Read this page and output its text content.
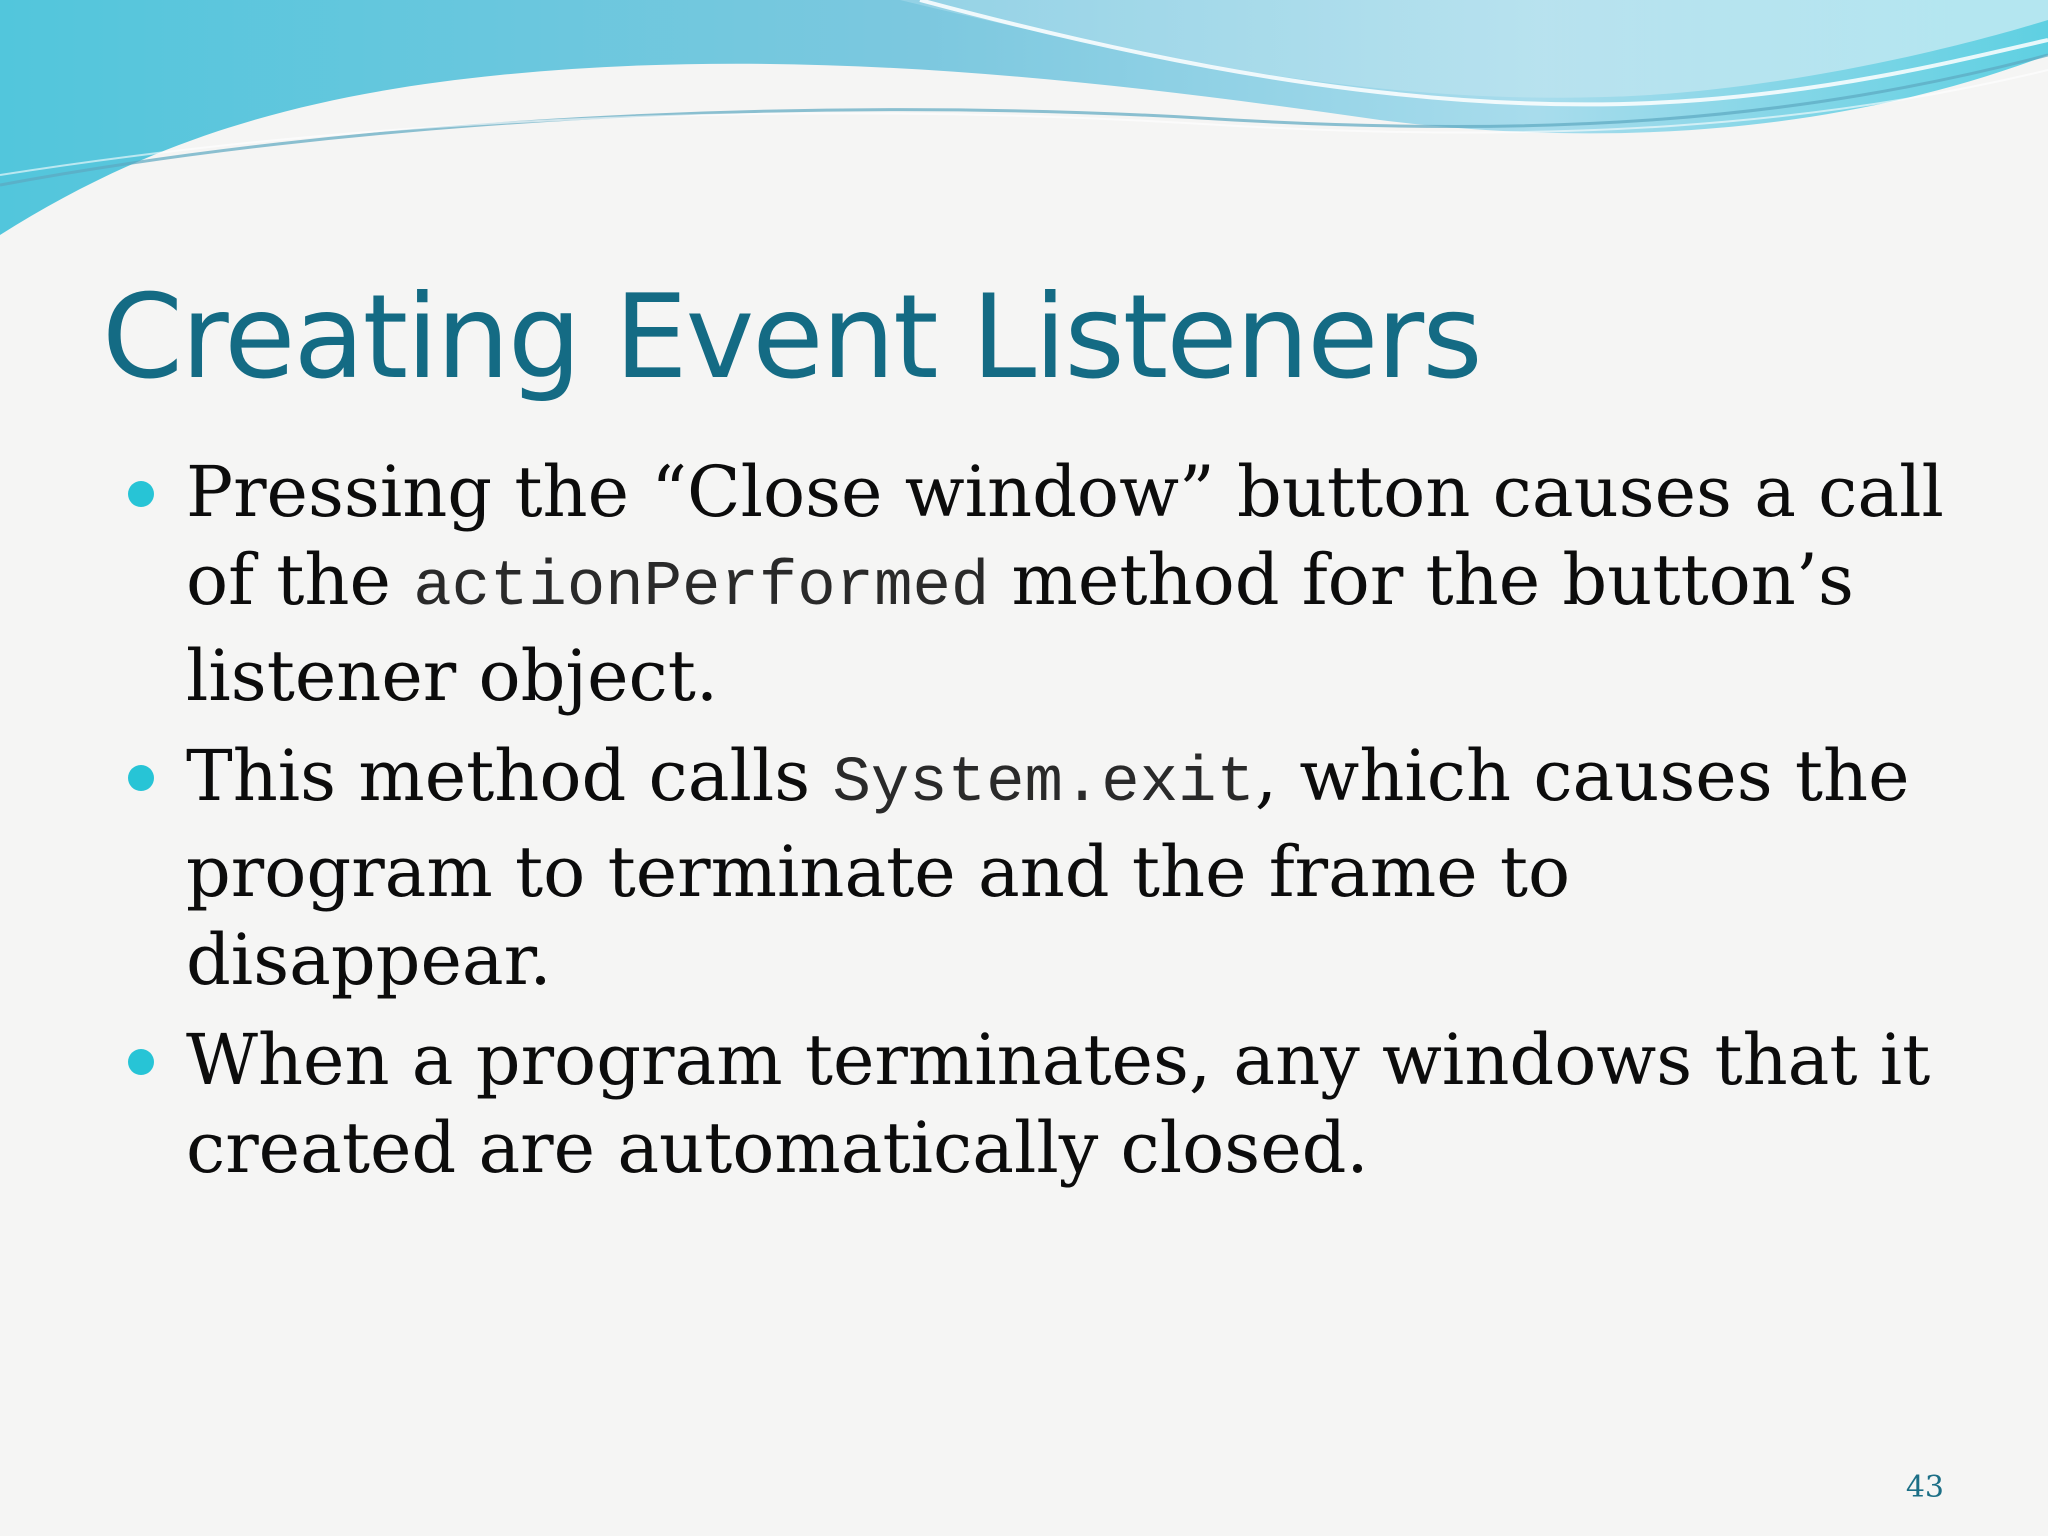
Creating Event Listeners
Pressing the “Close window” button causes a call of the actionPerformed method for the button’s listener object.
This method calls System.exit, which causes the program to terminate and the frame to disappear.
When a program terminates, any windows that it created are automatically closed.
43
